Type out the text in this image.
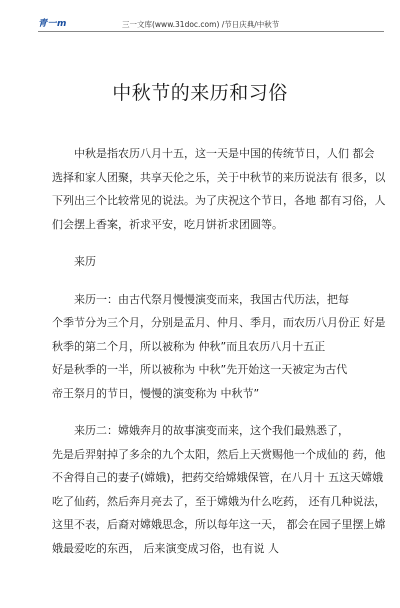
青一m	三一文库(www.31doc.com) /节日庆典/中秋节
中秋节的来历和习俗
中秋是指农历八月十五，这一天是中国的传统节日，人们 都会
选择和家人团聚，共享天伦之乐，关于中秋节的来历说法有 很多，以
下列出三个比较常见的说法。为了庆祝这个节日，各地 都有习俗，人
们会摆上香案，祈求平安，吃月饼祈求团圆等。
来历
来历一：由古代祭月慢慢演变而来，我国古代历法，把每
个季节分为三个月，分别是孟月、仲月、季月，而农历八月份正 好是
秋季的第二个月，所以被称为 仲秋”而且农历八月十五正
好是秋季的一半，所以被称为 中秋”先开始这一天被定为古代
帝王祭月的节日，慢慢的演变称为 中秋节”
来历二：嫦娥奔月的故事演变而来，这个我们最熟悉了，
先是后羿射掉了多余的九个太阳，然后上天赏赐他一个成仙的 药，他
不舍得自己的妻子(嫦娥)，把药交给嫦娥保管，在八月十 五这天嫦娥
吃了仙药，然后奔月亮去了，至于嫦娥为什么吃药， 还有几种说法，
这里不表，后裔对嫦娥思念，所以每年这一天， 都会在园子里摆上嫦
娥最爱吃的东西， 后来演变成习俗，也有说 人
